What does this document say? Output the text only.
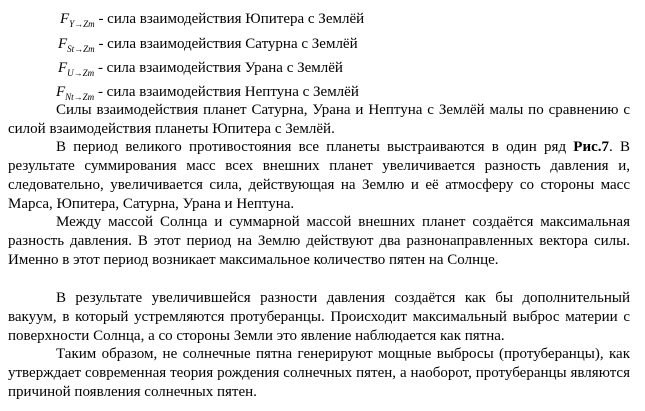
$F_{Y\to Zm}$ - сила взаимодействия Юпитера с Землёй
$F_{St\to Zm}$ - сила взаимодействия Сатурна с Землёй
$F_{U\to Zm}$ - сила взаимодействия Урана с Землёй
$F_{Nt\to Zm}$ - сила взаимодействия Нептуна с Землёй
Силы взаимодействия планет Сатурна, Урана и Нептуна с Землёй малы по сравнению с силой взаимодействия планеты Юпитера с Землёй.
В период великого противостояния все планеты выстраиваются в один ряд Рис.7. В результате суммирования масс всех внешних планет увеличивается разность давления и, следовательно, увеличивается сила, действующая на Землю и её атмосферу со стороны масс Марса, Юпитера, Сатурна, Урана и Нептуна.
Между массой Солнца и суммарной массой внешних планет создаётся максимальная разность давления. В этот период на Землю действуют два разнонаправленных вектора силы. Именно в этот период возникает максимальное количество пятен на Солнце.
В результате увеличившейся разности давления создаётся как бы дополнительный вакуум, в который устремляются протуберанцы. Происходит максимальный выброс материи с поверхности Солнца, а со стороны Земли это явление наблюдается как пятна.
Таким образом, не солнечные пятна генерируют мощные выбросы (протуберанцы), как утверждает современная теория рождения солнечных пятен, а наоборот, протуберанцы являются причиной появления солнечных пятен.
